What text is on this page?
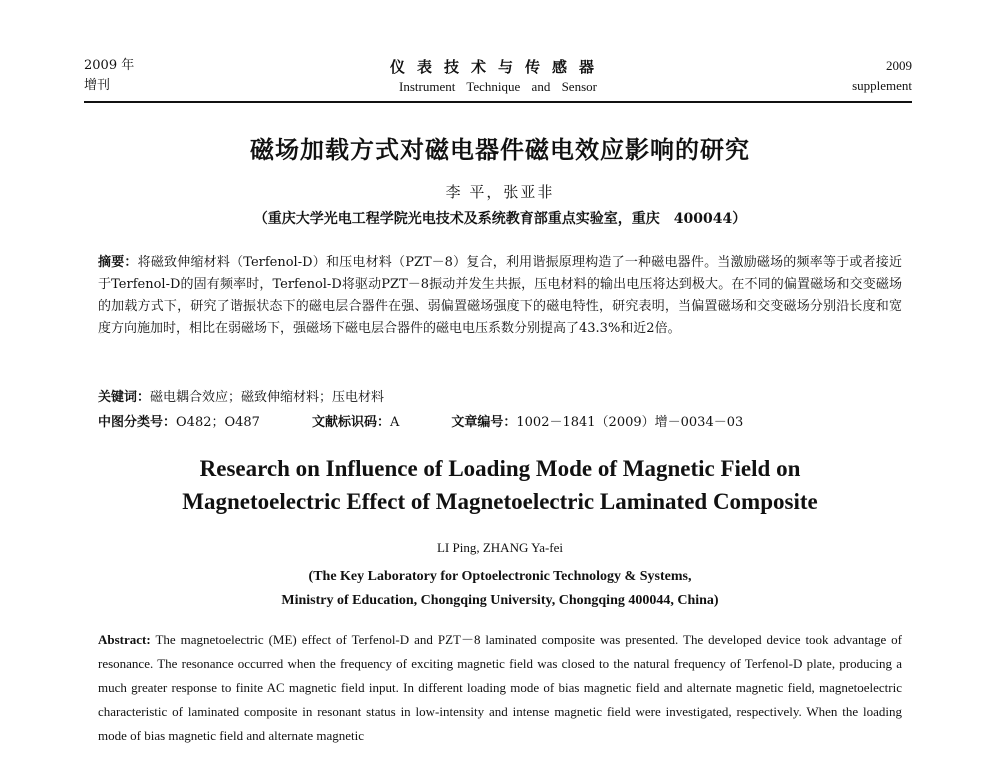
2009 年
增刊
仪表技术与传感器
Instrument Technique and Sensor
2009
supplement
磁场加载方式对磁电器件磁电效应影响的研究
李 平，张亚非
（重庆大学光电工程学院光电技术及系统教育部重点实验室，重庆　400044）
摘要：将磁致伸缩材料（Terfenol-D）和压电材料（PZT－8）复合，利用谐振原理构造了一种磁电器件。当激励磁场的频率等于或者接近于Terfenol-D的固有频率时，Terfenol-D将驱动PZT－8振动并发生共振，压电材料的输出电压将达到极大。在不同的偏置磁场和交变磁场的加载方式下，研究了谐振状态下的磁电层合器件在强、弱偏置磁场强度下的磁电特性，研究表明，当偏置磁场和交变磁场分别沿长度和宽度方向施加时，相比在弱磁场下，强磁场下磁电层合器件的磁电电压系数分别提高了43.3%和近2倍。
关键词：磁电耦合效应；磁致伸缩材料；压电材料
中图分类号：O482；O487	文献标识码：A	文章编号：1002－1841（2009）增－0034－03
Research on Influence of Loading Mode of Magnetic Field on
Magnetoelectric Effect of Magnetoelectric Laminated Composite
LI Ping, ZHANG Ya-fei
(The Key Laboratory for Optoelectronic Technology & Systems,
Ministry of Education, Chongqing University, Chongqing 400044, China)
Abstract: The magnetoelectric (ME) effect of Terfenol-D and PZT－8 laminated composite was presented. The developed device took advantage of resonance. The resonance occurred when the frequency of exciting magnetic field was closed to the natural frequency of Terfenol-D plate, producing a much greater response to finite AC magnetic field input. In different loading mode of bias magnetic field and alternate magnetic field, magnetoelectric characteristic of laminated composite in resonant status in low-intensity and intense magnetic field were investigated, respectively. When the loading mode of bias magnetic field and alternate magnetic
